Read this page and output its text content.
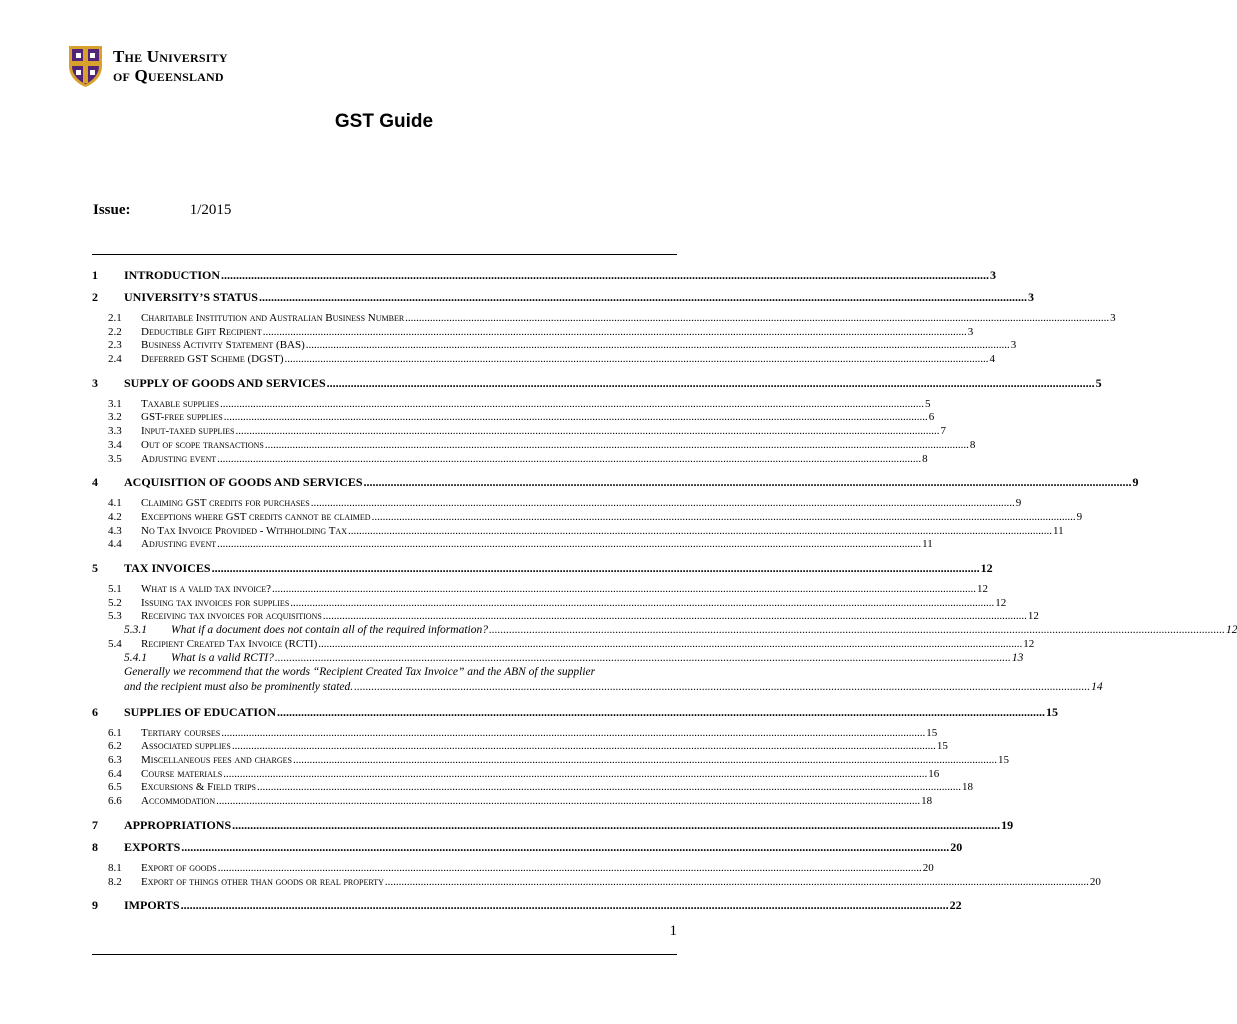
The University
of Queensland
GST Guide
Issue:	1/2015
1	INTRODUCTION .....	3
2	UNIVERSITY’S STATUS .....	3
2.1	Charitable Institution and Australian Business Number .....	3
2.2	Deductible Gift Recipient .....	3
2.3	Business Activity Statement (BAS) .....	3
2.4	Deferred GST Scheme (DGST) .....	4
3	SUPPLY OF GOODS AND SERVICES .....	5
3.1	Taxable supplies .....	5
3.2	GST-free supplies .....	6
3.3	Input-taxed supplies .....	7
3.4	Out of scope transactions .....	8
3.5	Adjusting event .....	8
4	ACQUISITION OF GOODS AND SERVICES .....	9
4.1	Claiming GST credits for purchases .....	9
4.2	Exceptions where GST credits cannot be claimed .....	9
4.3	No Tax Invoice Provided - Withholding Tax .....	11
4.4	Adjusting event .....	11
5	TAX INVOICES .....	12
5.1	What is a valid tax invoice? .....	12
5.2	Issuing tax invoices for supplies .....	12
5.3	Receiving tax invoices for acquisitions .....	12
5.3.1	What if a document does not contain all of the required information? .....	12
5.4	Recipient Created Tax Invoice (RCTI) .....	12
5.4.1	What is a valid RCTI? .....	13
Generally we recommend that the words “Recipient Created Tax Invoice” and the ABN of the supplier
and the recipient must also be prominently stated. .....	14
6	SUPPLIES OF EDUCATION .....	15
6.1	Tertiary courses .....	15
6.2	Associated supplies .....	15
6.3	Miscellaneous fees and charges .....	15
6.4	Course materials .....	16
6.5	Excursions & Field trips .....	18
6.6	Accommodation .....	18
7	APPROPRIATIONS .....	19
8	EXPORTS .....	20
8.1	Export of goods .....	20
8.2	Export of things other than goods or real property .....	20
9	IMPORTS .....	22
1
